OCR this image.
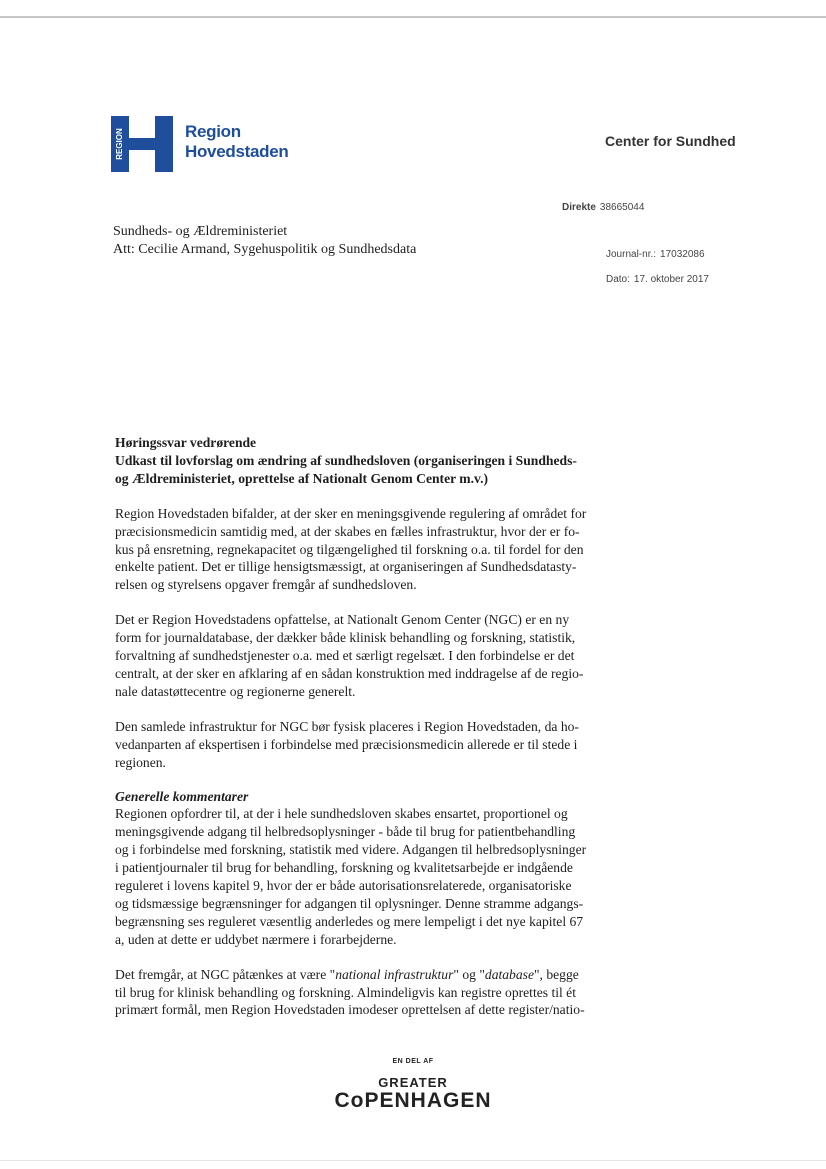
REGION	Region
Hovedstaden
Center for Sundhed
Direkte 38665044
Journal-nr.: 17032086
Dato: 17. oktober 2017
Sundheds- og Ældreministeriet
Att: Cecilie Armand, Sygehuspolitik og Sundhedsdata
Høringssvar vedrørende
Udkast til lovforslag om ændring af sundhedsloven (organiseringen i Sundheds-
og Ældreministeriet, oprettelse af Nationalt Genom Center m.v.)
Region Hovedstaden bifalder, at der sker en meningsgivende regulering af området for
præcisionsmedicin samtidig med, at der skabes en fælles infrastruktur, hvor der er fo-
kus på ensretning, regnekapacitet og tilgængelighed til forskning o.a. til fordel for den
enkelte patient. Det er tillige hensigtsmæssigt, at organiseringen af Sundhedsdatasty-
relsen og styrelsens opgaver fremgår af sundhedsloven.
Det er Region Hovedstadens opfattelse, at Nationalt Genom Center (NGC) er en ny
form for journaldatabase, der dækker både klinisk behandling og forskning, statistik,
forvaltning af sundhedstjenester o.a. med et særligt regelsæt. I den forbindelse er det
centralt, at der sker en afklaring af en sådan konstruktion med inddragelse af de regio-
nale datastøttecentre og regionerne generelt.
Den samlede infrastruktur for NGC bør fysisk placeres i Region Hovedstaden, da ho-
vedanparten af ekspertisen i forbindelse med præcisionsmedicin allerede er til stede i
regionen.
Generelle kommentarer
Regionen opfordrer til, at der i hele sundhedsloven skabes ensartet, proportionel og
meningsgivende adgang til helbredsoplysninger - både til brug for patientbehandling
og i forbindelse med forskning, statistik med videre. Adgangen til helbredsoplysninger
i patientjournaler til brug for behandling, forskning og kvalitetsarbejde er indgående
reguleret i lovens kapitel 9, hvor der er både autorisationsrelaterede, organisatoriske
og tidsmæssige begrænsninger for adgangen til oplysninger. Denne stramme adgangs-
begrænsning ses reguleret væsentlig anderledes og mere lempeligt i det nye kapitel 67
a, uden at dette er uddybet nærmere i forarbejderne.
Det fremgår, at NGC påtænkes at være "national infrastruktur" og "database", begge
til brug for klinisk behandling og forskning. Almindeligvis kan registre oprettes til ét
primært formål, men Region Hovedstaden imodeser oprettelsen af dette register/natio-
EN DEL AF
GREATER
CoPENHAGEN
